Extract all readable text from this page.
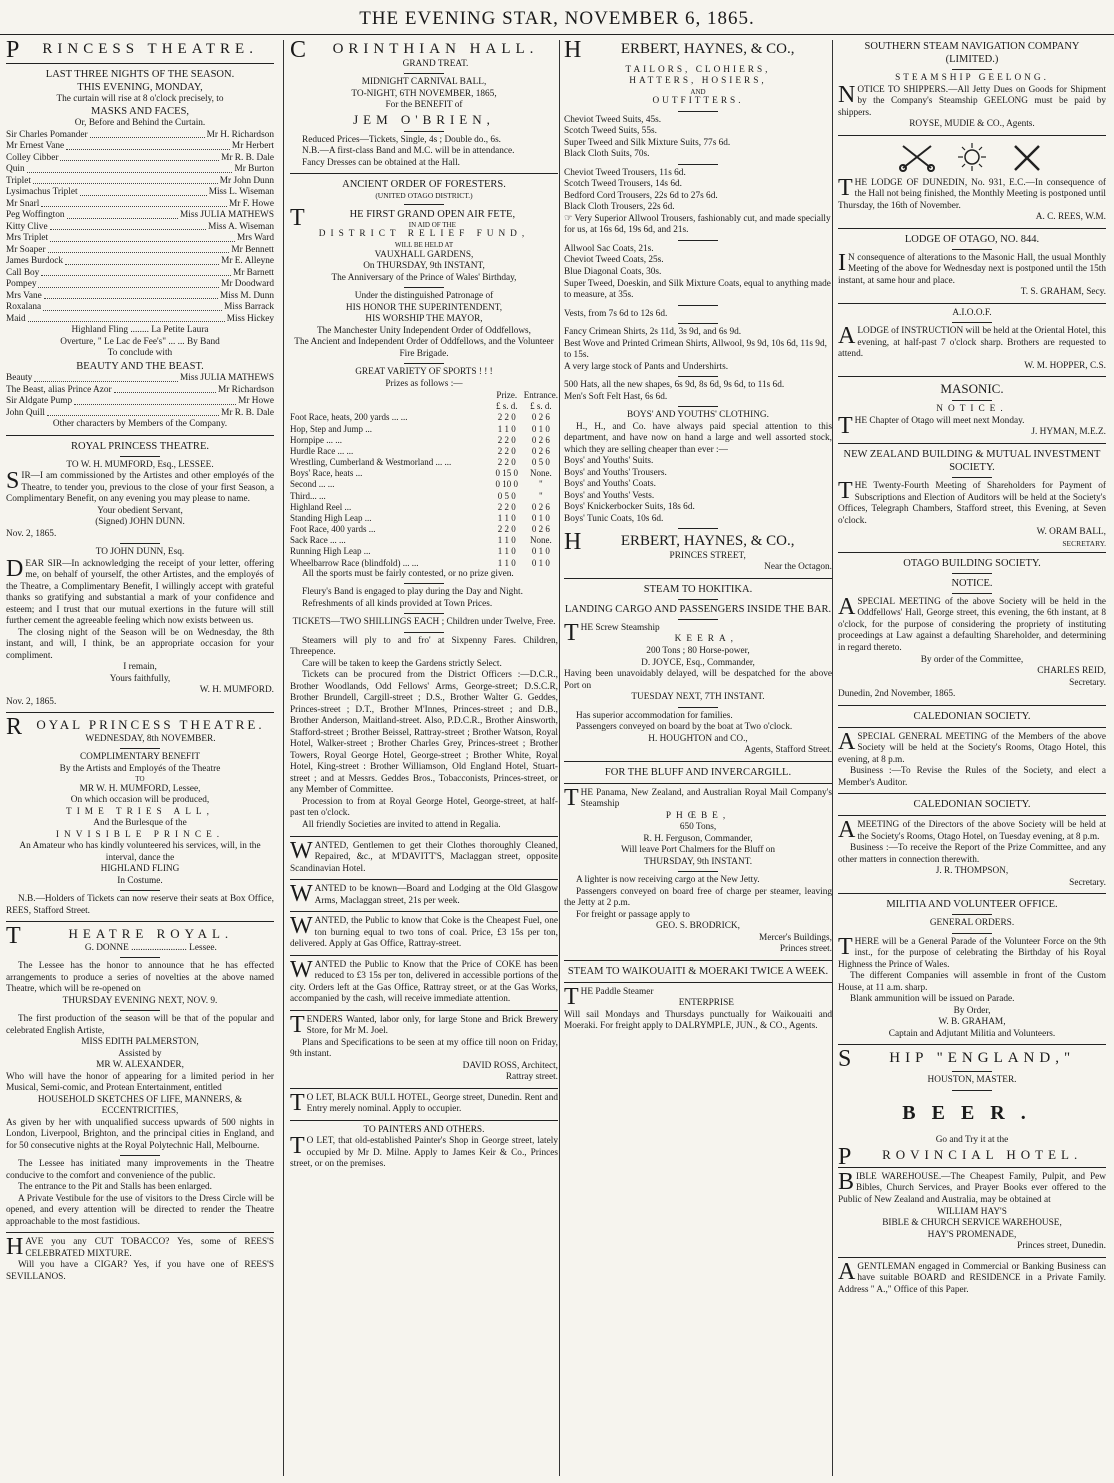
THE EVENING STAR, NOVEMBER 6, 1865.

PRINCESS THEATRE.

LAST THREE NIGHTS OF THE SEASON.

THIS EVENING, MONDAY,

The curtain will rise at 8 o'clock precisely, to

MASKS AND FACES,

Or, Before and Behind the Curtain.

Sir Charles Pomander	Mr H. Richardson
Mr Ernest Vane	Mr Herbert
Colley Cibber	Mr R. B. Dale
Quin	Mr Burton
Triplet	Mr John Dunn
Lysimachus Triplet	Miss L. Wiseman
Mr Snarl	Mr F. Howe
Peg Woffington	Miss JULIA MATHEWS
Kitty Clive	Miss A. Wiseman
Mrs Triplet	Mrs Ward
Mr Soaper	Mr Bennett
James Burdock	Mr E. Alleyne
Call Boy	Mr Barnett
Pompey	Mr Doodward
Mrs Vane	Miss M. Dunn
Roxalana	Miss Barrack
Maid	Miss Hickey

Highland Fling ........ La Petite Laura

Overture, " Le Lac de Fee's" ... ... By Band

To conclude with

BEAUTY AND THE BEAST.

Beauty	Miss JULIA MATHEWS
The Beast, alias Prince Azor	Mr Richardson
Sir Aldgate Pump	Mr Howe
John Quill	Mr R. B. Dale

Other characters by Members of the Company.

ROYAL PRINCESS THEATRE.

TO W. H. MUMFORD, Esq., LESSEE.

SIR—I am commissioned by the Artistes and other employés of the Theatre, to tender you, previous to the close of your first Season, a Complimentary Benefit, on any evening you may please to name.

Your obedient Servant,

(Signed) JOHN DUNN.

Nov. 2, 1865.

TO JOHN DUNN, Esq.

DEAR SIR—In acknowledging the receipt of your letter, offering me, on behalf of yourself, the other Artistes, and the employés of the Theatre, a Complimentary Benefit, I willingly accept with grateful thanks so gratifying and substantial a mark of your confidence and esteem; and I trust that our mutual exertions in the future will still further cement the agreeable feeling which now exists between us.

The closing night of the Season will be on Wednesday, the 8th instant, and will, I think, be an appropriate occasion for your compliment.

I remain,

Yours faithfully,

W. H. MUMFORD.

Nov. 2, 1865.

ROYAL PRINCESS THEATRE.

WEDNESDAY, 8th NOVEMBER.

COMPLIMENTARY BENEFIT

By the Artists and Employés of the Theatre

TO

MR W. H. MUMFORD, Lessee,

On which occasion will be produced,

TIME TRIES ALL,

And the Burlesque of the

INVISIBLE PRINCE.

An Amateur who has kindly volunteered his services, will, in the interval, dance the

HIGHLAND FLING

In Costume.

N.B.—Holders of Tickets can now reserve their seats at Box Office, REES, Stafford Street.

THEATRE ROYAL.

G. DONNE ........................ Lessee.

The Lessee has the honor to announce that he has effected arrangements to produce a series of novelties at the above named Theatre, which will be re-opened on

THURSDAY EVENING NEXT, NOV. 9.

The first production of the season will be that of the popular and celebrated English Artiste,

MISS EDITH PALMERSTON,

Assisted by

MR W. ALEXANDER,

Who will have the honor of appearing for a limited period in her Musical, Semi-comic, and Protean Entertainment, entitled

HOUSEHOLD SKETCHES OF LIFE, MANNERS, & ECCENTRICITIES,

As given by her with unqualified success upwards of 500 nights in London, Liverpool, Brighton, and the principal cities in England, and for 50 consecutive nights at the Royal Polytechnic Hall, Melbourne.

The Lessee has initiated many improvements in the Theatre conducive to the comfort and convenience of the public.

The entrance to the Pit and Stalls has been enlarged.

A Private Vestibule for the use of visitors to the Dress Circle will be opened, and every attention will be directed to render the Theatre approachable to the most fastidious.

HAVE you any CUT TOBACCO? Yes, some of REES'S CELEBRATED MIXTURE.

Will you have a CIGAR? Yes, if you have one of REES'S SEVILLANOS.

CORINTHIAN HALL.

GRAND TREAT.

MIDNIGHT CARNIVAL BALL,

TO-NIGHT, 6TH NOVEMBER, 1865,

For the BENEFIT of

JEM O'BRIEN,

Reduced Prices—Tickets, Single, 4s ; Double do., 6s.

N.B.—A first-class Band and M.C. will be in attendance.

Fancy Dresses can be obtained at the Hall.

ANCIENT ORDER OF FORESTERS.

(UNITED OTAGO DISTRICT.)

THE FIRST GRAND OPEN AIR FETE,

IN AID OF THE

DISTRICT RELIEF FUND,

WILL BE HELD AT

VAUXHALL GARDENS,

On THURSDAY, 9th INSTANT,

The Anniversary of the Prince of Wales' Birthday,

Under the distinguished Patronage of

HIS HONOR THE SUPERINTENDENT,

HIS WORSHIP THE MAYOR,

The Manchester Unity Independent Order of Oddfellows,

The Ancient and Independent Order of Oddfellows, and the Volunteer Fire Brigade.

GREAT VARIETY OF SPORTS ! ! !

Prizes as follows :—

	Prize.	Entrance.
	£ s. d.	£ s. d.
Foot Race, heats, 200 yards ... ...	2 2 0	0 2 6
Hop, Step and Jump ...	1 1 0	0 1 0
Hornpipe ... ...	2 2 0	0 2 6
Hurdle Race ... ...	2 2 0	0 2 6
Wrestling, Cumberland & Westmorland ... ...	2 2 0	0 5 0
Boys' Race, heats ...	0 15 0	None.
Second ... ...	0 10 0	"
Third... ...	0 5 0	"
Highland Reel ...	2 2 0	0 2 6
Standing High Leap ...	1 1 0	0 1 0
Foot Race, 400 yards ...	2 2 0	0 2 6
Sack Race ... ...	1 1 0	None.
Running High Leap ...	1 1 0	0 1 0
Wheelbarrow Race (blindfold) ... ...	1 1 0	0 1 0

All the sports must be fairly contested, or no prize given.

Fleury's Band is engaged to play during the Day and Night.

Refreshments of all kinds provided at Town Prices.

TICKETS—TWO SHILLINGS EACH ; Children under Twelve, Free.

Steamers will ply to and fro' at Sixpenny Fares. Children, Threepence.

Care will be taken to keep the Gardens strictly Select.

Tickets can be procured from the District Officers :—D.C.R., Brother Woodlands, Odd Fellows' Arms, George-street; D.S.C.R, Brother Brundell, Cargill-street ; D.S., Brother Walter G. Geddes, Princes-street ; D.T., Brother M'Innes, Princes-street ; and D.B., Brother Anderson, Maitland-street. Also, P.D.C.R., Brother Ainsworth, Stafford-street ; Brother Beissel, Rattray-street ; Brother Watson, Royal Hotel, Walker-street ; Brother Charles Grey, Princes-street ; Brother Towers, Royal George Hotel, George-street ; Brother White, Royal Hotel, King-street : Brother Williamson, Old England Hotel, Stuart-street ; and at Messrs. Geddes Bros., Tobacconists, Princes-street, or any Member of Committee.

Procession to from at Royal George Hotel, George-street, at half-past ten o'clock.

All friendly Societies are invited to attend in Regalia.

WANTED, Gentlemen to get their Clothes thoroughly Cleaned, Repaired, &c., at M'DAVITT'S, Maclaggan street, opposite Scandinavian Hotel.

WANTED to be known—Board and Lodging at the Old Glasgow Arms, Maclaggan street, 21s per week.

WANTED, the Public to know that Coke is the Cheapest Fuel, one ton burning equal to two tons of coal. Price, £3 15s per ton, delivered. Apply at Gas Office, Rattray-street.

WANTED the Public to Know that the Price of COKE has been reduced to £3 15s per ton, delivered in accessible portions of the city. Orders left at the Gas Office, Rattray street, or at the Gas Works, accompanied by the cash, will receive immediate attention.

TENDERS Wanted, labor only, for large Stone and Brick Brewery Store, for Mr M. Joel.

Plans and Specifications to be seen at my office till noon on Friday, 9th instant.

DAVID ROSS, Architect,

Rattray street.

TO LET, BLACK BULL HOTEL, George street, Dunedin. Rent and Entry merely nominal. Apply to occupier.

TO PAINTERS AND OTHERS.

TO LET, that old-established Painter's Shop in George street, lately occupied by Mr D. Milne. Apply to James Keir & Co., Princes street, or on the premises.

HERBERT, HAYNES, & CO.,

TAILORS, CLOHIERS,

HATTERS, HOSIERS,

AND

OUTFITTERS.

Cheviot Tweed Suits, 45s.

Scotch Tweed Suits, 55s.

Super Tweed and Silk Mixture Suits, 77s 6d.

Black Cloth Suits, 70s.

Cheviot Tweed Trousers, 11s 6d.

Scotch Tweed Trousers, 14s 6d.

Bedford Cord Trousers, 22s 6d to 27s 6d.

Black Cloth Trousers, 22s 6d.

☞ Very Superior Allwool Trousers, fashionably cut, and made specially for us, at 16s 6d, 19s 6d, and 21s.

Allwool Sac Coats, 21s.

Cheviot Tweed Coats, 25s.

Blue Diagonal Coats, 30s.

Super Tweed, Doeskin, and Silk Mixture Coats, equal to anything made to measure, at 35s.

Vests, from 7s 6d to 12s 6d.

Fancy Crimean Shirts, 2s 11d, 3s 9d, and 6s 9d.

Best Wove and Printed Crimean Shirts, Allwool, 9s 9d, 10s 6d, 11s 9d, to 15s.

A very large stock of Pants and Undershirts.

500 Hats, all the new shapes, 6s 9d, 8s 6d, 9s 6d, to 11s 6d.

Men's Soft Felt Hast, 6s 6d.

BOYS' AND YOUTHS' CLOTHING.

H., H., and Co. have always paid special attention to this department, and have now on hand a large and well assorted stock, which they are selling cheaper than ever :—

Boys' and Youths' Suits.

Boys' and Youths' Trousers.

Boys' and Youths' Coats.

Boys' and Youths' Vests.

Boys' Knickerbocker Suits, 18s 6d.

Boys' Tunic Coats, 10s 6d.

HERBERT, HAYNES, & CO.,

PRINCES STREET,

Near the Octagon.

STEAM TO HOKITIKA.

LANDING CARGO AND PASSENGERS INSIDE THE BAR.

THE Screw Steamship

KEERA,

200 Tons ; 80 Horse-power,

D. JOYCE, Esq., Commander,

Having been unavoidably delayed, will be despatched for the above Port on

TUESDAY NEXT, 7TH INSTANT.

Has superior accommodation for families.

Passengers conveyed on board by the boat at Two o'clock.

H. HOUGHTON and CO.,

Agents, Stafford Street.

FOR THE BLUFF AND INVERCARGILL.

THE Panama, New Zealand, and Australian Royal Mail Company's Steamship

PHŒBE,

650 Tons,

R. H. Ferguson, Commander,

Will leave Port Chalmers for the Bluff on

THURSDAY, 9th INSTANT.

A lighter is now receiving cargo at the New Jetty.

Passengers conveyed on board free of charge per steamer, leaving the Jetty at 2 p.m.

For freight or passage apply to

GEO. S. BRODRICK,

Mercer's Buildings,

Princes street.

STEAM TO WAIKOUAITI & MOERAKI TWICE A WEEK.

THE Paddle Steamer

ENTERPRISE

Will sail Mondays and Thursdays punctually for Waikouaiti and Moeraki. For freight apply to DALRYMPLE, JUN., & CO., Agents.

SOUTHERN STEAM NAVIGATION COMPANY (LIMITED.)

STEAMSHIP GEELONG.

NOTICE TO SHIPPERS.—All Jetty Dues on Goods for Shipment by the Company's Steamship GEELONG must be paid by shippers.

ROYSE, MUDIE & CO., Agents.

THE LODGE OF DUNEDIN, No. 931, E.C.—In consequence of the Hall not being finished, the Monthly Meeting is postponed until Thursday, the 16th of November.

A. C. REES, W.M.

LODGE OF OTAGO, NO. 844.

IN consequence of alterations to the Masonic Hall, the usual Monthly Meeting of the above for Wednesday next is postponed until the 15th instant, at same hour and place.

T. S. GRAHAM, Secy.

A.I.O.O.F.

ALODGE of INSTRUCTION will be held at the Oriental Hotel, this evening, at half-past 7 o'clock sharp. Brothers are requested to attend.

W. M. HOPPER, C.S.

MASONIC.

NOTICE.

THE Chapter of Otago will meet next Monday.

J. HYMAN, M.E.Z.

NEW ZEALAND BUILDING & MUTUAL INVESTMENT SOCIETY.

THE Twenty-Fourth Meeting of Shareholders for Payment of Subscriptions and Election of Auditors will be held at the Society's Offices, Telegraph Chambers, Stafford street, this Evening, at Seven o'clock.

W. ORAM BALL,

SECRETARY.

OTAGO BUILDING SOCIETY.

NOTICE.

ASPECIAL MEETING of the above Society will be held in the Oddfellows' Hall, George street, this evening, the 6th instant, at 8 o'clock, for the purpose of considering the propriety of instituting proceedings at Law against a defaulting Shareholder, and determining in regard thereto.

By order of the Committee,

CHARLES REID,

Secretary.

Dunedin, 2nd November, 1865.

CALEDONIAN SOCIETY.

ASPECIAL GENERAL MEETING of the Members of the above Society will be held at the Society's Rooms, Otago Hotel, this evening, at 8 p.m.

Business :—To Revise the Rules of the Society, and elect a Member's Auditor.

CALEDONIAN SOCIETY.

AMEETING of the Directors of the above Society will be held at the Society's Rooms, Otago Hotel, on Tuesday evening, at 8 p.m.

Business :—To receive the Report of the Prize Committee, and any other matters in connection therewith.

J. R. THOMPSON,

Secretary.

MILITIA AND VOLUNTEER OFFICE.

GENERAL ORDERS.

THERE will be a General Parade of the Volunteer Force on the 9th inst., for the purpose of celebrating the Birthday of his Royal Highness the Prince of Wales.

The different Companies will assemble in front of the Custom House, at 11 a.m. sharp.

Blank ammunition will be issued on Parade.

By Order,

W. B. GRAHAM,

Captain and Adjutant Militia and Volunteers.

SHIP "ENGLAND,"

HOUSTON, MASTER.

BEER.

Go and Try it at the

PROVINCIAL HOTEL.

BIBLE WAREHOUSE.—The Cheapest Family, Pulpit, and Pew Bibles, Church Services, and Prayer Books ever offered to the Public of New Zealand and Australia, may be obtained at

WILLIAM HAY'S

BIBLE & CHURCH SERVICE WAREHOUSE,

HAY'S PROMENADE,

Princes street, Dunedin.

AGENTLEMAN engaged in Commercial or Banking Business can have suitable BOARD and RESIDENCE in a Private Family. Address " A.," Office of this Paper.
